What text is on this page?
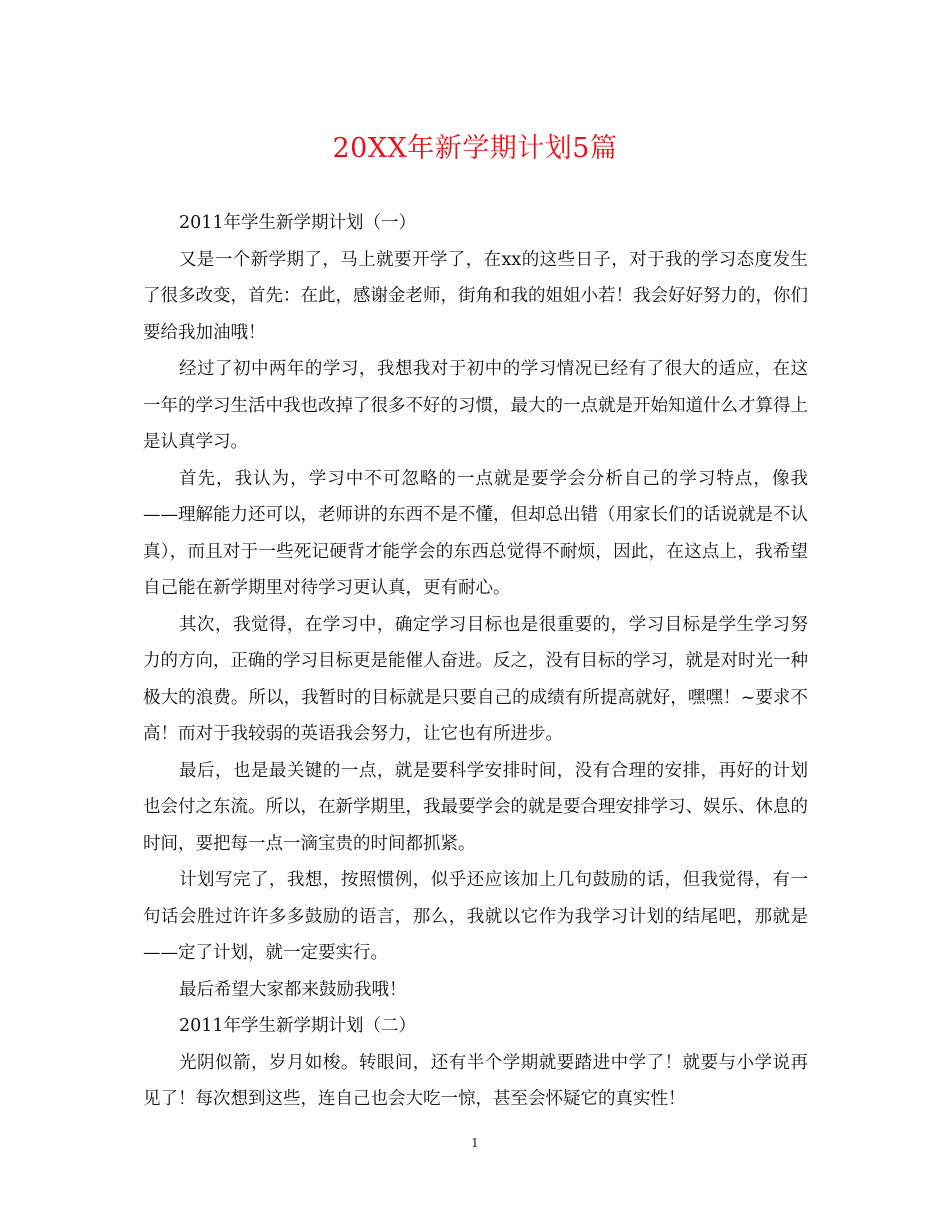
20XX年新学期计划5篇

2011年学生新学期计划（一）

又是一个新学期了，马上就要开学了，在xx的这些日子，对于我的学习态度发生了很多改变，首先：在此，感谢金老师，街角和我的姐姐小若！我会好好努力的，你们要给我加油哦！

经过了初中两年的学习，我想我对于初中的学习情况已经有了很大的适应，在这一年的学习生活中我也改掉了很多不好的习惯，最大的一点就是开始知道什么才算得上是认真学习。

首先，我认为，学习中不可忽略的一点就是要学会分析自己的学习特点，像我——理解能力还可以，老师讲的东西不是不懂，但却总出错（用家长们的话说就是不认真），而且对于一些死记硬背才能学会的东西总觉得不耐烦，因此，在这点上，我希望自己能在新学期里对待学习更认真，更有耐心。

其次，我觉得，在学习中，确定学习目标也是很重要的，学习目标是学生学习努力的方向，正确的学习目标更是能催人奋进。反之，没有目标的学习，就是对时光一种极大的浪费。所以，我暂时的目标就是只要自己的成绩有所提高就好，嘿嘿！~要求不高！而对于我较弱的英语我会努力，让它也有所进步。

最后，也是最关键的一点，就是要科学安排时间，没有合理的安排，再好的计划也会付之东流。所以，在新学期里，我最要学会的就是要合理安排学习、娱乐、休息的时间，要把每一点一滴宝贵的时间都抓紧。

计划写完了，我想，按照惯例，似乎还应该加上几句鼓励的话，但我觉得，有一句话会胜过许许多多鼓励的语言，那么，我就以它作为我学习计划的结尾吧，那就是——定了计划，就一定要实行。

最后希望大家都来鼓励我哦！

2011年学生新学期计划（二）

光阴似箭，岁月如梭。转眼间，还有半个学期就要踏进中学了！就要与小学说再见了！每次想到这些，连自己也会大吃一惊，甚至会怀疑它的真实性！

1
